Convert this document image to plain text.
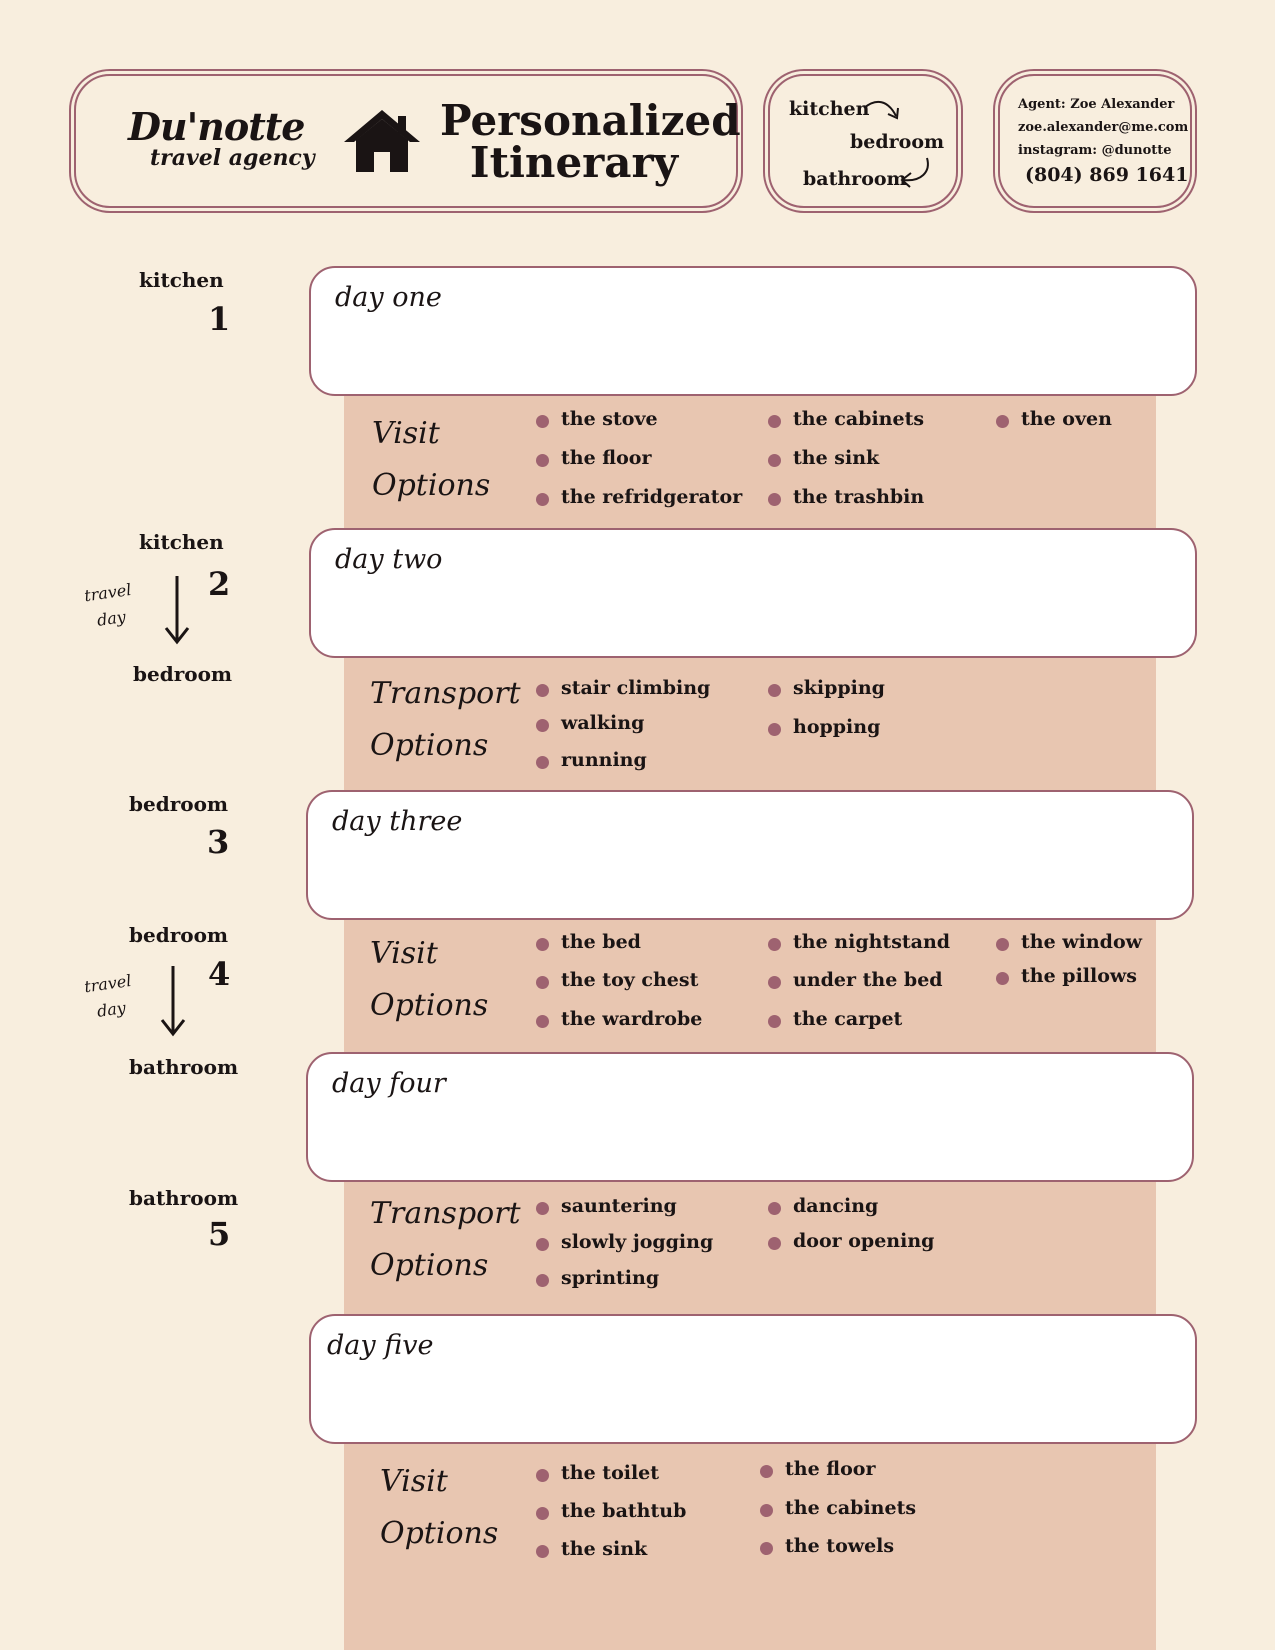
Du'notte
travel agency
Personalized
Itinerary
kitchen
bedroom
bathroom
Agent: Zoe Alexander
zoe.alexander@me.com
instagram: @dunotte
(804) 869 1641
kitchen
1
day one
Visit
Options
the stove
the floor
the refridgerator
the cabinets
the sink
the trashbin
the oven
kitchen
travel
day
2
bedroom
day two
Transport
Options
stair climbing
walking
running
skipping
hopping
bedroom
3
day three
Visit
Options
the bed
the toy chest
the wardrobe
the nightstand
under the bed
the carpet
the window
the pillows
bedroom
travel
day
4
bathroom
day four
Transport
Options
sauntering
slowly jogging
sprinting
dancing
door opening
bathroom
5
day five
Visit
Options
the toilet
the bathtub
the sink
the floor
the cabinets
the towels
